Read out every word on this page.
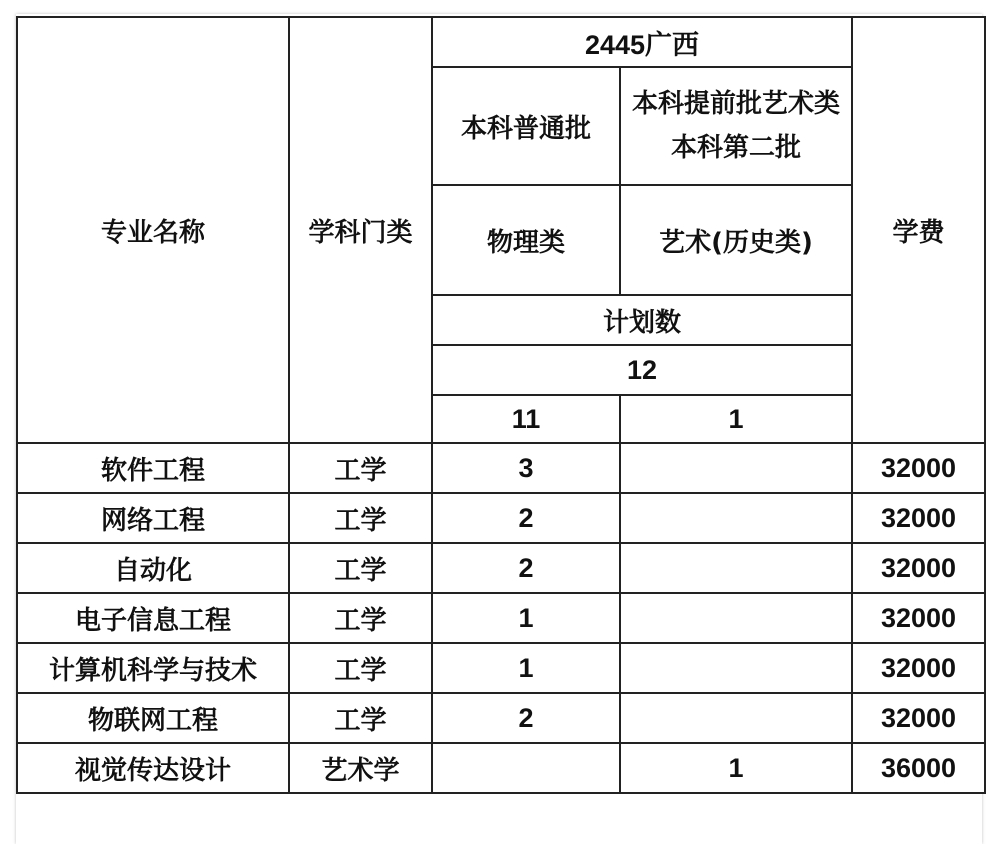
专业名称	学科门类	2445广西		学费
		本科普通批	本科提前批艺术类
本科第二批	

		物理类	艺术(历史类)	
		计划数		
		12		
		11	1	

软件工程	工学	3		32000
网络工程	工学	2		32000
自动化	工学	2		32000
电子信息工程	工学	1		32000
计算机科学与技术	工学	1		32000
物联网工程	工学	2		32000
视觉传达设计	艺术学		1	36000
